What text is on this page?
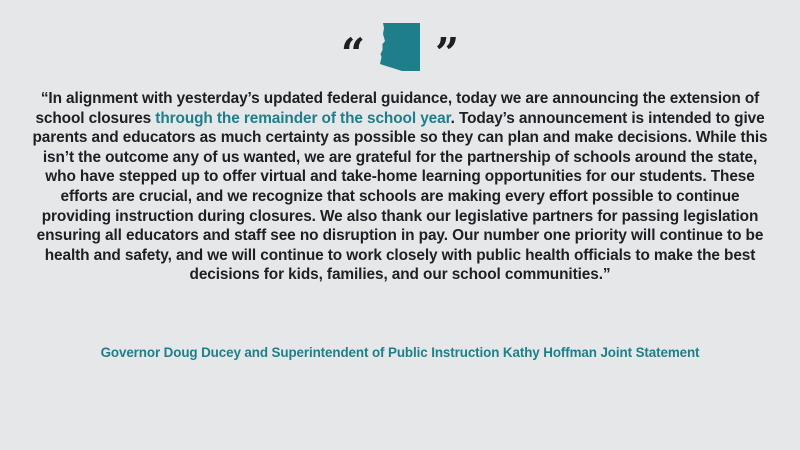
“ ”

“In alignment with yesterday’s updated federal guidance, today we are announcing the extension of school closures through the remainder of the school year. Today’s announcement is intended to give parents and educators as much certainty as possible so they can plan and make decisions. While this isn’t the outcome any of us wanted, we are grateful for the partnership of schools around the state, who have stepped up to offer virtual and take-home learning opportunities for our students. These efforts are crucial, and we recognize that schools are making every effort possible to continue providing instruction during closures. We also thank our legislative partners for passing legislation ensuring all educators and staff see no disruption in pay. Our number one priority will continue to be health and safety, and we will continue to work closely with public health officials to make the best decisions for kids, families, and our school communities.”

Governor Doug Ducey and Superintendent of Public Instruction Kathy Hoffman Joint Statement
